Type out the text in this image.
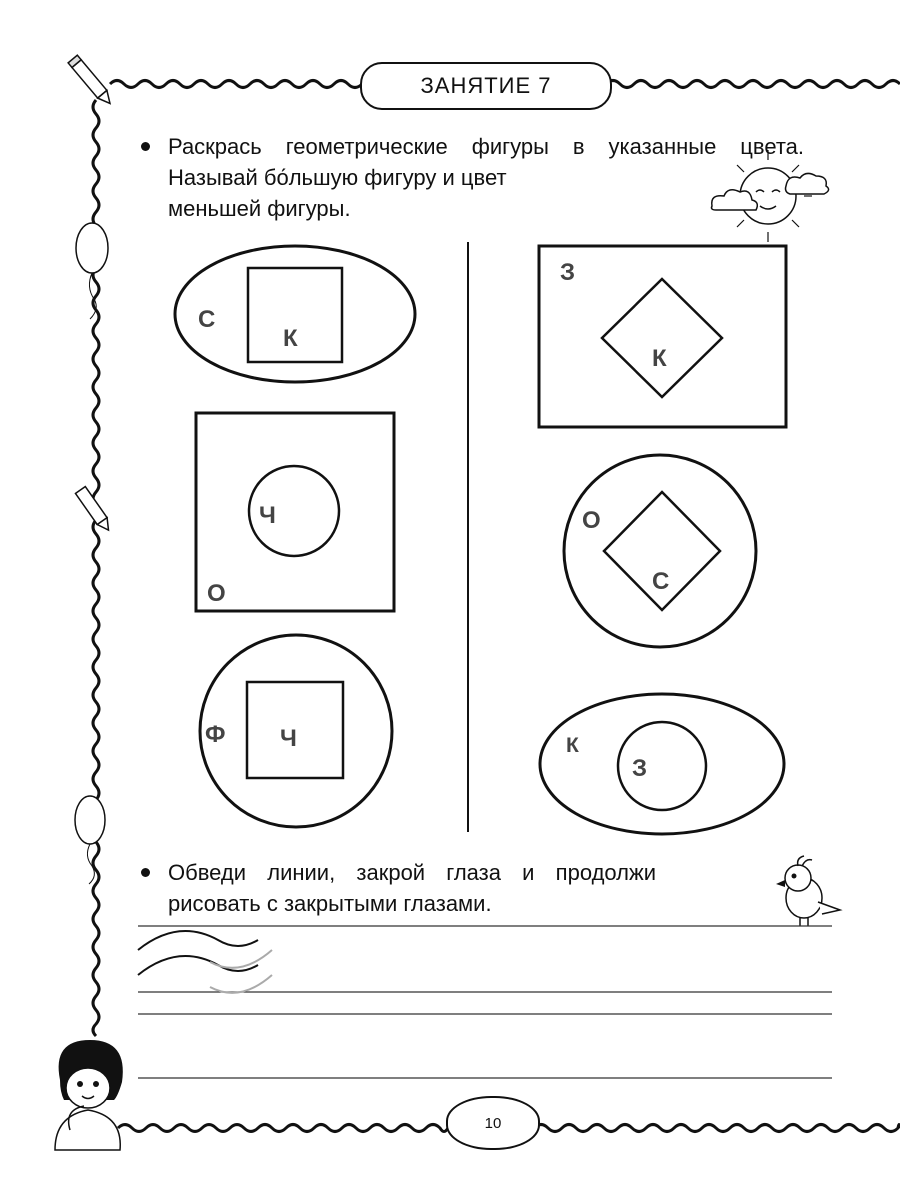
С
К
О
Ч
Ф Ч
З
К
О
С
К
З
ЗАНЯТИЕ 7
Раскрась геометрические фигуры в указанные цвета.
Называй бо́льшую фигуру и цвет
меньшей фигуры.
Обведи линии, закрой глаза и продолжи
рисовать с закрытыми глазами.
10
